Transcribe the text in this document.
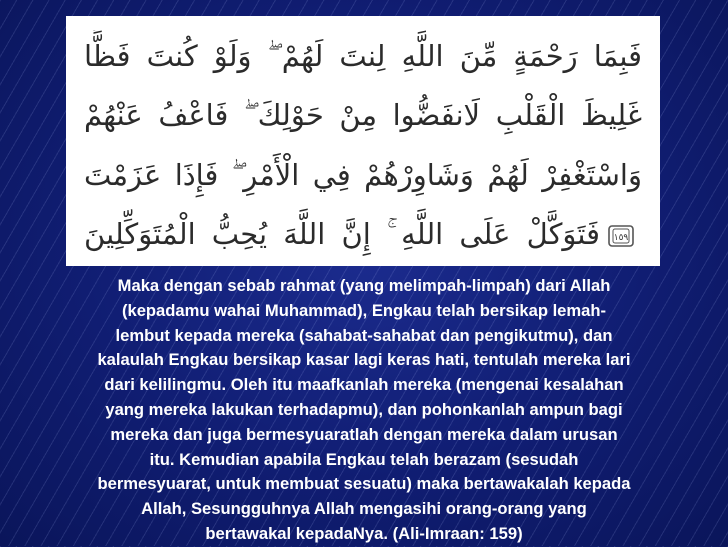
فَبِمَا رَحْمَةٍ مِّنَ اللَّهِ لِنتَ لَهُمْ ۖ وَلَوْ كُنتَ فَظًّا
غَلِيظَ الْقَلْبِ لَانفَضُّوا مِنْ حَوْلِكَ ۖ فَاعْفُ عَنْهُمْ
وَاسْتَغْفِرْ لَهُمْ وَشَاوِرْهُمْ فِي الْأَمْرِ ۖ فَإِذَا عَزَمْتَ
١٥٩
فَتَوَكَّلْ عَلَى اللَّهِ ۚ إِنَّ اللَّهَ يُحِبُّ الْمُتَوَكِّلِينَ
Maka dengan sebab rahmat (yang melimpah-limpah) dari Allah
(kepadamu wahai Muhammad), Engkau telah bersikap lemah-
lembut kepada mereka (sahabat-sahabat dan pengikutmu), dan
kalaulah Engkau bersikap kasar lagi keras hati, tentulah mereka lari
dari kelilingmu. Oleh itu maafkanlah mereka (mengenai kesalahan
yang mereka lakukan terhadapmu), dan pohonkanlah ampun bagi
mereka dan juga bermesyuaratlah dengan mereka dalam urusan
itu. Kemudian apabila Engkau telah berazam (sesudah
bermesyuarat, untuk membuat sesuatu) maka bertawakalah kepada
Allah, Sesungguhnya Allah mengasihi orang-orang yang
bertawakal kepadaNya. (Ali-Imraan: 159)
